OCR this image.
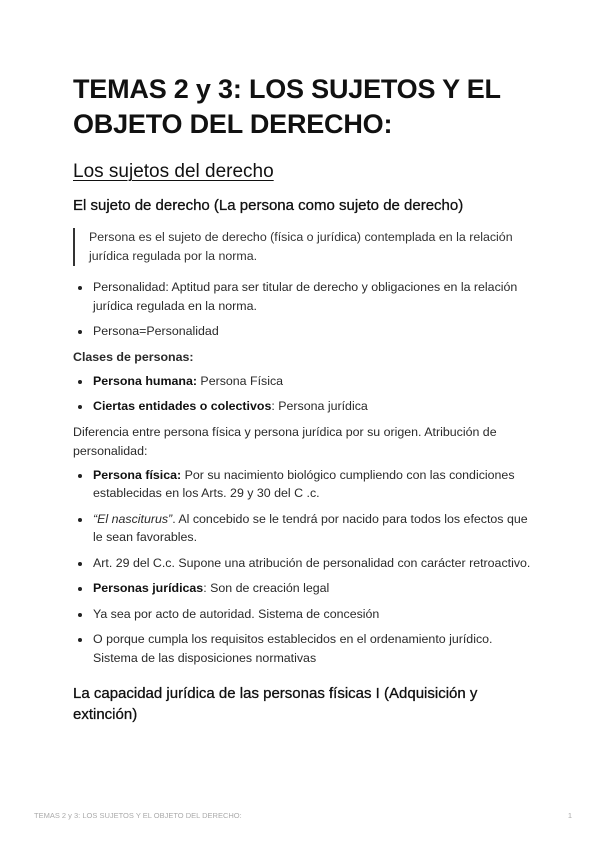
TEMAS 2 y 3: LOS SUJETOS Y EL OBJETO DEL DERECHO:
Los sujetos del derecho
El sujeto de derecho (La persona como sujeto de derecho)
Persona es el sujeto de derecho (física o jurídica) contemplada en la relación jurídica regulada por la norma.
Personalidad: Aptitud para ser titular de derecho y obligaciones en la relación jurídica regulada en la norma.
Persona=Personalidad

Clases de personas:

Persona humana: Persona Física
Ciertas entidades o colectivos: Persona jurídica

Diferencia entre persona física y persona jurídica por su origen. Atribución de personalidad:

Persona física: Por su nacimiento biológico cumpliendo con las condiciones establecidas en los Arts. 29 y 30 del C .c.
“El nasciturus”. Al concebido se le tendrá por nacido para todos los efectos que le sean favorables.
Art. 29 del C.c. Supone una atribución de personalidad con carácter retroactivo.
Personas jurídicas: Son de creación legal
Ya sea por acto de autoridad. Sistema de concesión
O porque cumpla los requisitos establecidos en el ordenamiento jurídico. Sistema de las disposiciones normativas
La capacidad jurídica de las personas físicas I (Adquisición y extinción)
TEMAS 2 y 3: LOS SUJETOS Y EL OBJETO DEL DERECHO:	1
